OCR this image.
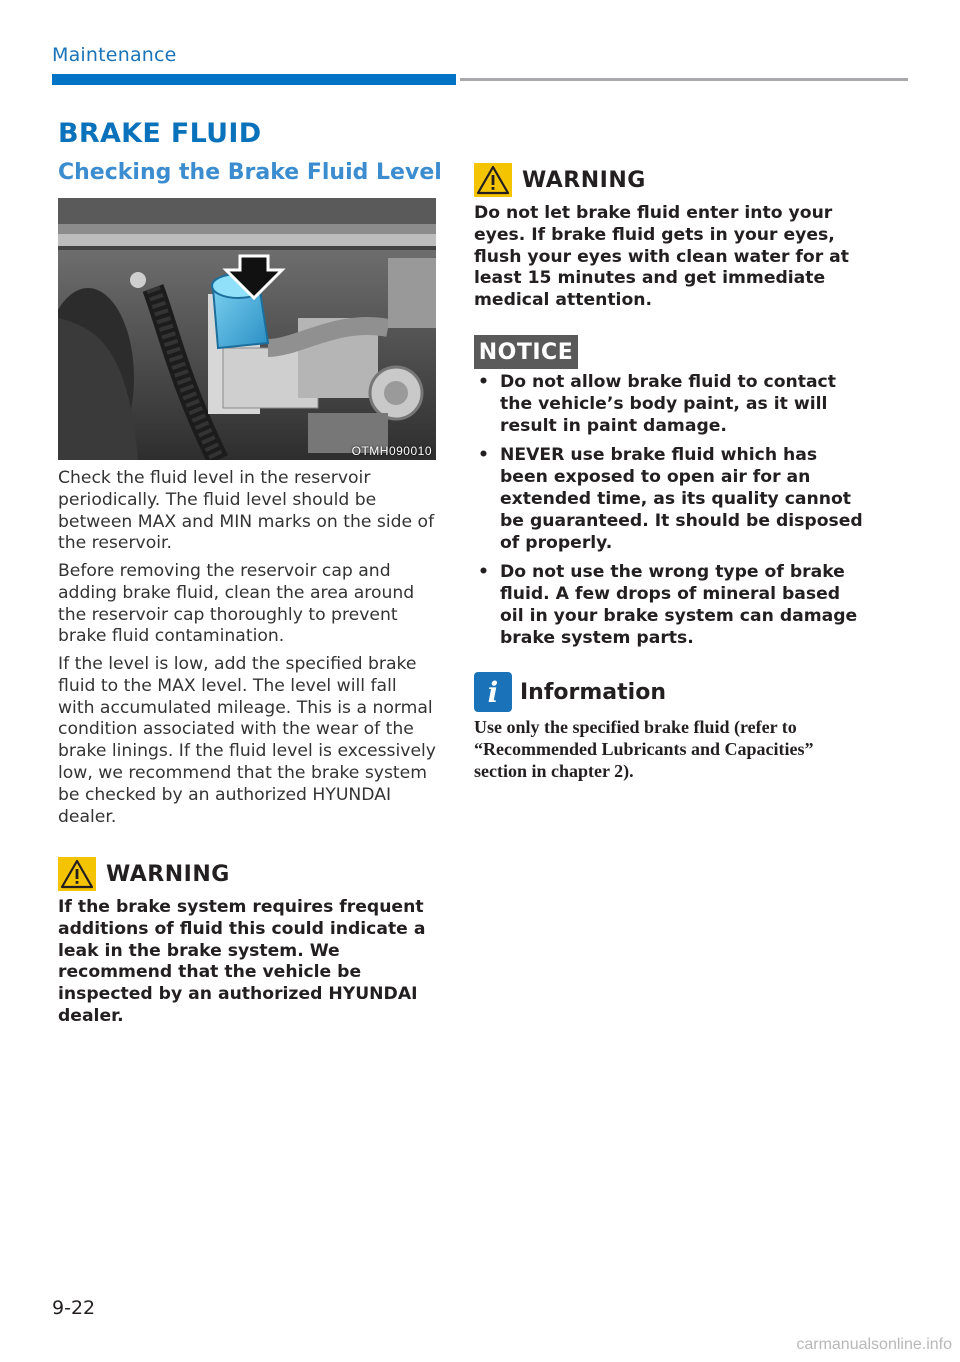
Maintenance
BRAKE FLUID
Checking the Brake Fluid Level
OTMH090010

Check the fluid level in the reservoir periodically. The fluid level should be between MAX and MIN marks on the side of the reservoir.

Before removing the reservoir cap and adding brake fluid, clean the area around the reservoir cap thoroughly to prevent brake fluid contamination.

If the level is low, add the specified brake fluid to the MAX level. The level will fall with accumulated mileage. This is a normal condition associated with the wear of the brake linings. If the fluid level is excessively low, we recommend that the brake system be checked by an authorized HYUNDAI dealer.

WARNING

If the brake system requires frequent additions of fluid this could indicate a leak in the brake system. We recommend that the vehicle be inspected by an authorized HYUNDAI dealer.

WARNING

Do not let brake fluid enter into your eyes. If brake fluid gets in your eyes, flush your eyes with clean water for at least 15 minutes and get immediate medical attention.

NOTICE
• Do not allow brake fluid to contact the vehicle’s body paint, as it will result in paint damage.
• NEVER use brake fluid which has been exposed to open air for an extended time, as its quality cannot be guaranteed. It should be disposed of properly.
• Do not use the wrong type of brake fluid. A few drops of mineral based oil in your brake system can damage brake system parts.
i Information

Use only the specified brake fluid (refer to “Recommended Lubricants and Capacities” section in chapter 2).

9-22
carmanualsonline.info
